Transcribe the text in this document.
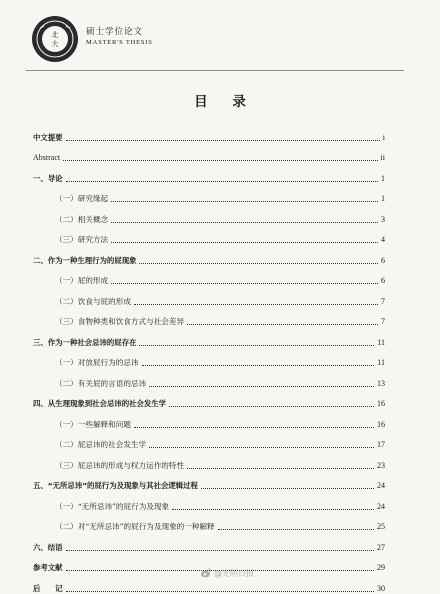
北
大
硕士学位论文
MASTER'S THESIS
目 录
中文提要	i
Abstract	ii
一、导论	1
（一）研究缘起	1
（二）相关概念	3
（三）研究方法	4
二、作为一种生理行为的屁现象	6
（一）屁的形成	6
（二）饮食与屁的形成	7
（三）食物种类和饮食方式与社会差异	7
三、作为一种社会忌讳的屁存在	11
（一）对放屁行为的忌讳	11
（二）有关屁的言语的忌讳	13
四、从生理现象到社会忌讳的社会发生学	16
（一）一些解释和问题	16
（二）屁忌讳的社会发生学	17
（三）屁忌讳的形成与权力运作的特性	23
五、“无所忌讳”的屁行为及现象与其社会逻辑过程	24
（一）“无所忌讳”的屁行为及现象	24
（二）对“无所忌讳”的屁行为及现象的一种解释	25
六、结语	27
参考文献	29
后　　记	30
@光明日报
